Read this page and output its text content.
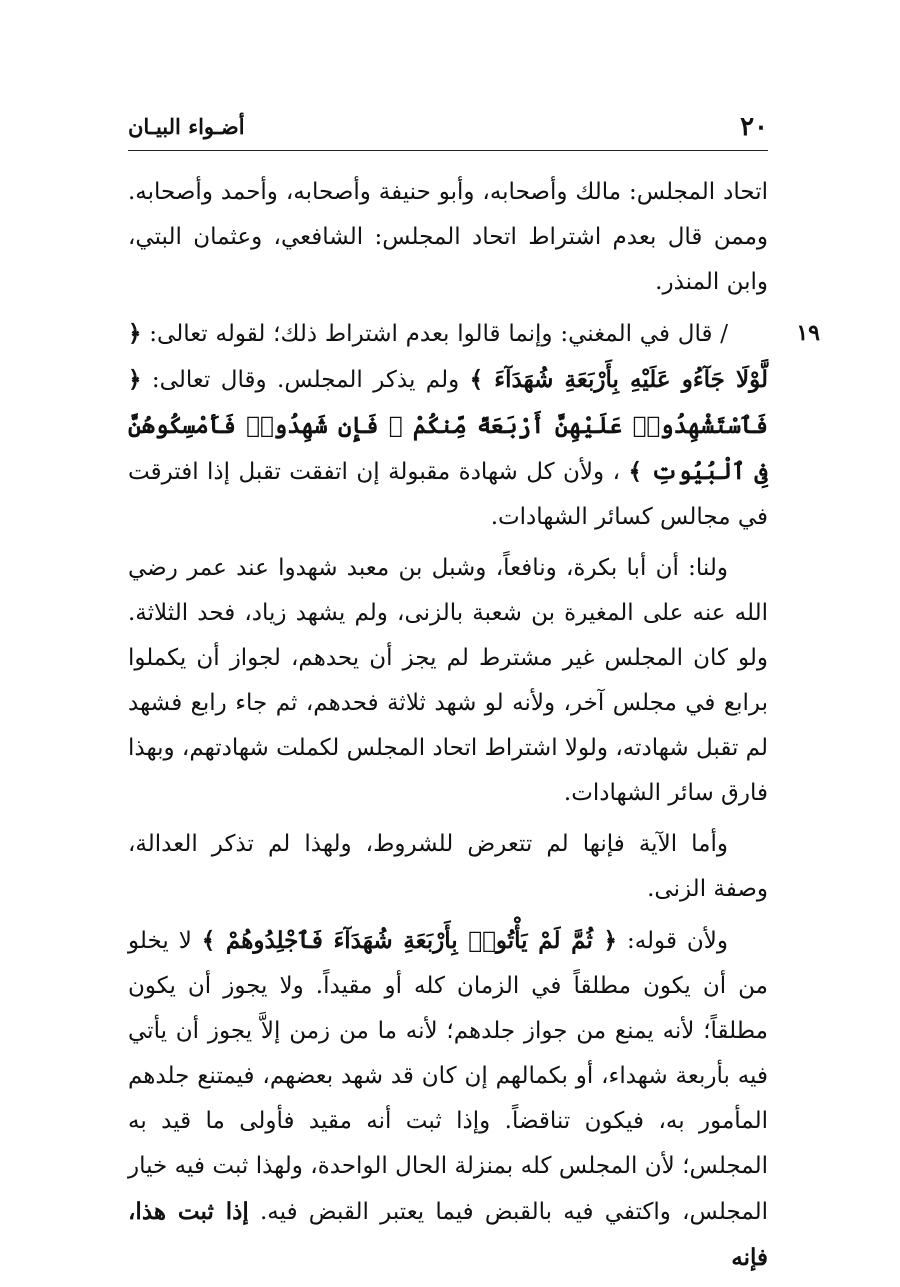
٢٠
أضـواء البيـان

اتحاد المجلس: مالك وأصحابه، وأبو حنيفة وأصحابه، وأحمد وأصحابه. وممن قال بعدم اشتراط اتحاد المجلس: الشافعي، وعثمان البتي، وابن المنذر.

١٩
/ قال في المغني: وإنما قالوا بعدم اشتراط ذلك؛ لقوله تعالى: ﴿ لَّوْلَا جَآءُو عَلَيْهِ بِأَرْبَعَةِ شُهَدَآءَ ﴾ ولم يذكر المجلس. وقال تعالى: ﴿ فَٱسْتَشْهِدُوا۟ عَلَيْهِنَّ أَرْبَعَةً مِّنكُمْ ۖ فَإِن شَهِدُوا۟ فَأَمْسِكُوهُنَّ فِى ٱلْبُيُوتِ ﴾ ، ولأن كل شهادة مقبولة إن اتفقت تقبل إذا افترقت في مجالس كسائر الشهادات.

ولنا: أن أبا بكرة، ونافعاً، وشبل بن معبد شهدوا عند عمر رضي الله عنه على المغيرة بن شعبة بالزنى، ولم يشهد زياد، فحد الثلاثة. ولو كان المجلس غير مشترط لم يجز أن يحدهم، لجواز أن يكملوا برابع في مجلس آخر، ولأنه لو شهد ثلاثة فحدهم، ثم جاء رابع فشهد لم تقبل شهادته، ولولا اشتراط اتحاد المجلس لكملت شهادتهم، وبهذا فارق سائر الشهادات.

وأما الآية فإنها لم تتعرض للشروط، ولهذا لم تذكر العدالة، وصفة الزنى.

ولأن قوله: ﴿ ثُمَّ لَمْ يَأْتُوا۟ بِأَرْبَعَةِ شُهَدَآءَ فَٱجْلِدُوهُمْ ﴾ لا يخلو من أن يكون مطلقاً في الزمان كله أو مقيداً. ولا يجوز أن يكون مطلقاً؛ لأنه يمنع من جواز جلدهم؛ لأنه ما من زمن إلاَّ يجوز أن يأتي فيه بأربعة شهداء، أو بكمالهم إن كان قد شهد بعضهم، فيمتنع جلدهم المأمور به، فيكون تناقضاً. وإذا ثبت أنه مقيد فأولى ما قيد به المجلس؛ لأن المجلس كله بمنزلة الحال الواحدة، ولهذا ثبت فيه خيار المجلس، واكتفي فيه بالقبض فيما يعتبر القبض فيه. إذا ثبت هذا، فإنه
